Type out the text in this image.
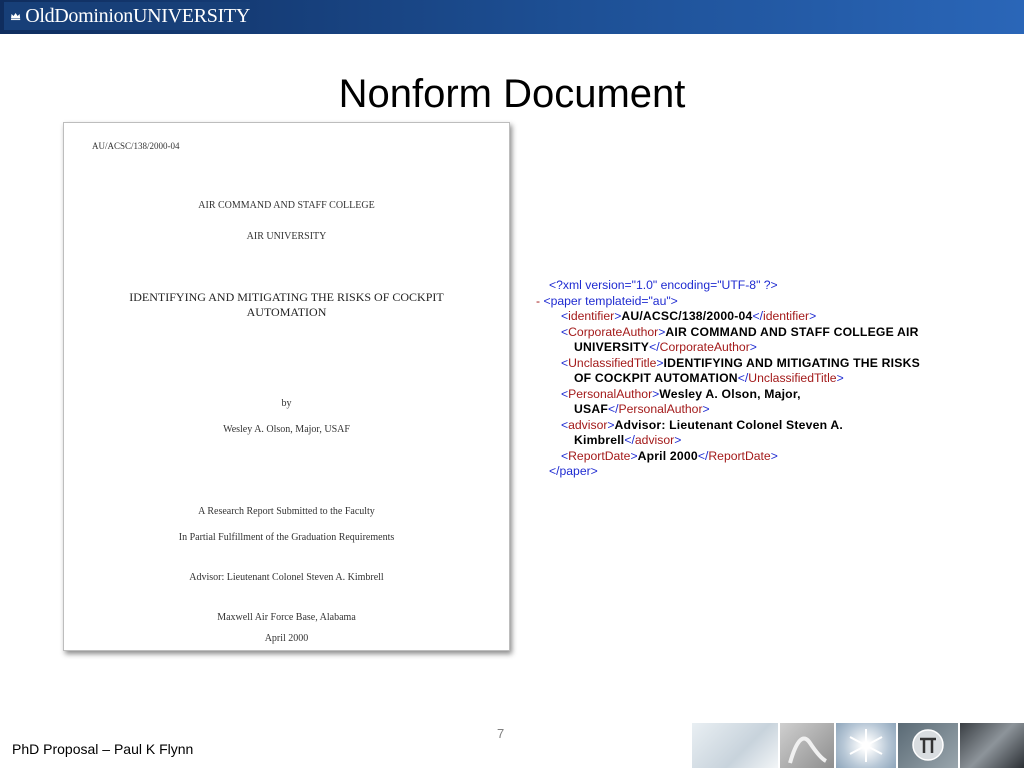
OldDominionUNIVERSITY
Nonform Document
AU/ACSC/138/2000-04
AIR COMMAND AND STAFF COLLEGE
AIR UNIVERSITY
IDENTIFYING AND MITIGATING THE RISKS OF COCKPIT
AUTOMATION
by
Wesley A. Olson, Major, USAF
A Research Report Submitted to the Faculty
In Partial Fulfillment of the Graduation Requirements
Advisor: Lieutenant Colonel Steven A. Kimbrell
Maxwell Air Force Base, Alabama
April 2000
<?xml version="1.0" encoding="UTF-8" ?>
- <paper templateid="au">
<identifier>AU/ACSC/138/2000-04</identifier>
<CorporateAuthor>AIR COMMAND AND STAFF COLLEGE AIR
UNIVERSITY</CorporateAuthor>
<UnclassifiedTitle>IDENTIFYING AND MITIGATING THE RISKS
OF COCKPIT AUTOMATION</UnclassifiedTitle>
<PersonalAuthor>Wesley A. Olson, Major,
USAF</PersonalAuthor>
<advisor>Advisor: Lieutenant Colonel Steven A.
Kimbrell</advisor>
<ReportDate>April 2000</ReportDate>
</paper>
7
PhD Proposal – Paul K Flynn
